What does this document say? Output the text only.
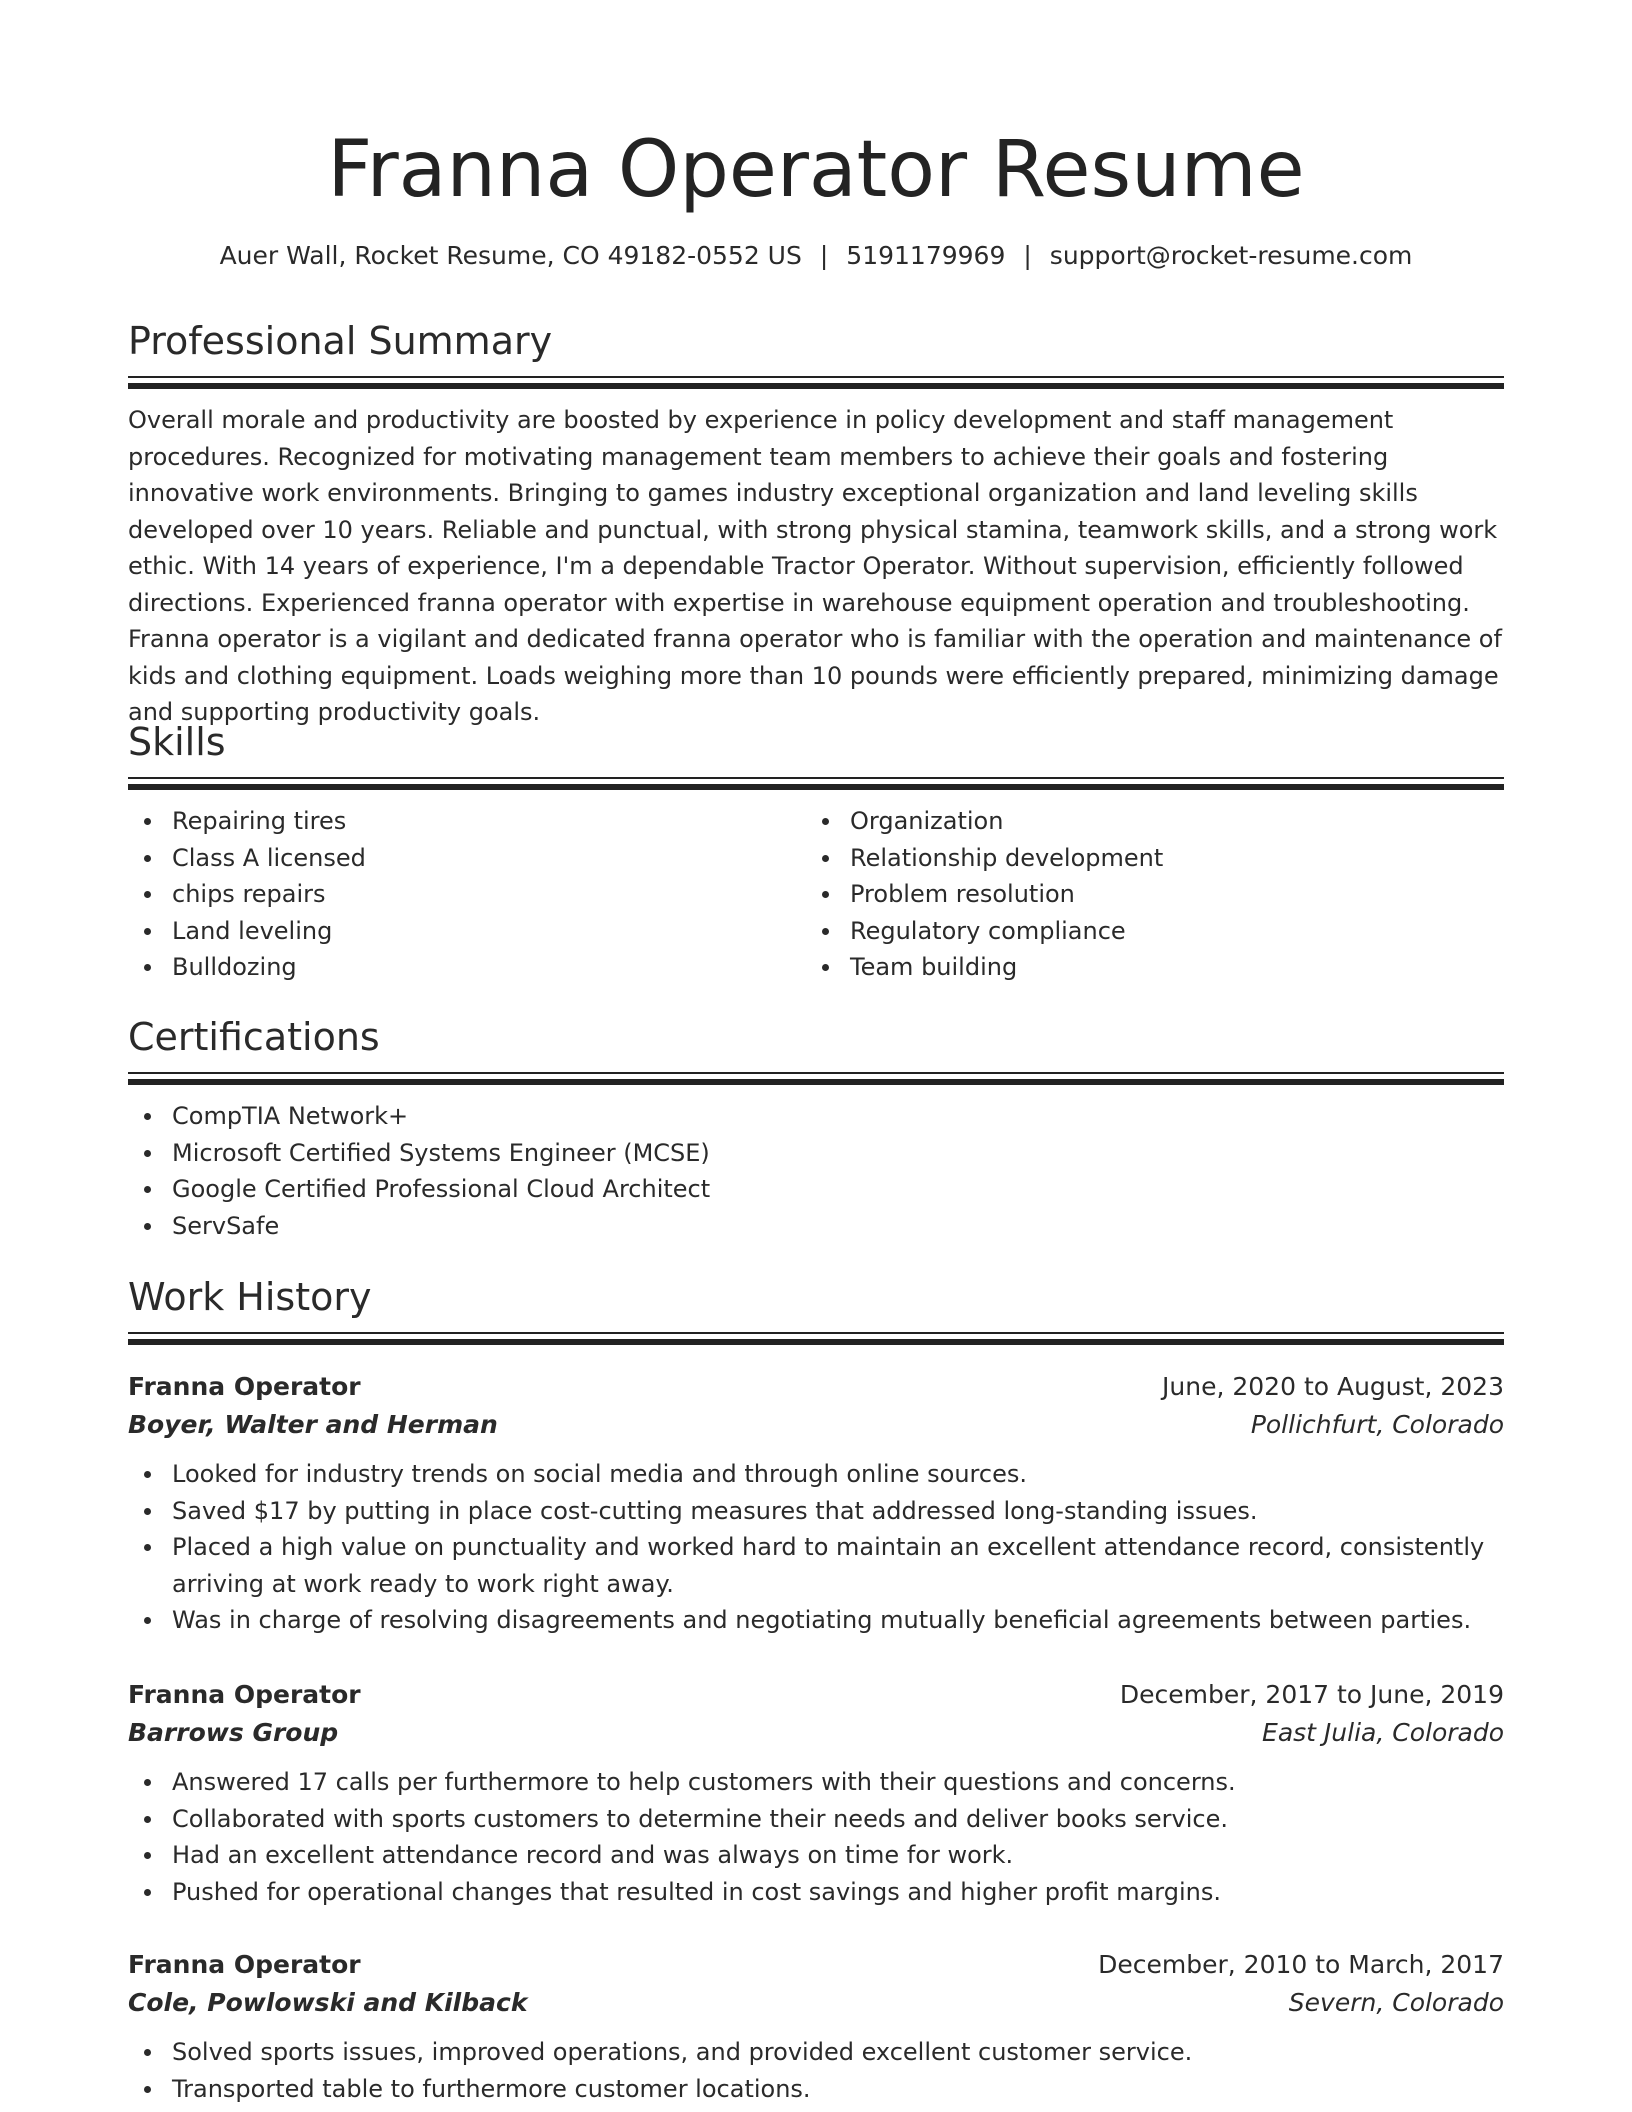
Franna Operator Resume
Auer Wall, Rocket Resume, CO 49182-0552 US | 5191179969 | support@rocket-resume.com
Professional Summary

Overall morale and productivity are boosted by experience in policy development and staff management procedures. Recognized for motivating management team members to achieve their goals and fostering innovative work environments. Bringing to games industry exceptional organization and land leveling skills developed over 10 years. Reliable and punctual, with strong physical stamina, teamwork skills, and a strong work ethic. With 14 years of experience, I'm a dependable Tractor Operator. Without supervision, efficiently followed directions. Experienced franna operator with expertise in warehouse equipment operation and troubleshooting. Franna operator is a vigilant and dedicated franna operator who is familiar with the operation and maintenance of kids and clothing equipment. Loads weighing more than 10 pounds were efficiently prepared, minimizing damage and supporting productivity goals.

Skills
Repairing tires
Class A licensed
chips repairs
Land leveling
Bulldozing
Organization
Relationship development
Problem resolution
Regulatory compliance
Team building
Certifications
CompTIA Network+
Microsoft Certified Systems Engineer (MCSE)
Google Certified Professional Cloud Architect
ServSafe
Work History
Franna Operator	June, 2020 to August, 2023
Boyer, Walter and Herman	Pollichfurt, Colorado
Looked for industry trends on social media and through online sources.
Saved $17 by putting in place cost-cutting measures that addressed long-standing issues.
Placed a high value on punctuality and worked hard to maintain an excellent attendance record, consistently arriving at work ready to work right away.
Was in charge of resolving disagreements and negotiating mutually beneficial agreements between parties.
Franna Operator	December, 2017 to June, 2019
Barrows Group	East Julia, Colorado
Answered 17 calls per furthermore to help customers with their questions and concerns.
Collaborated with sports customers to determine their needs and deliver books service.
Had an excellent attendance record and was always on time for work.
Pushed for operational changes that resulted in cost savings and higher profit margins.
Franna Operator	December, 2010 to March, 2017
Cole, Powlowski and Kilback	Severn, Colorado
Solved sports issues, improved operations, and provided excellent customer service.
Transported table to furthermore customer locations.
